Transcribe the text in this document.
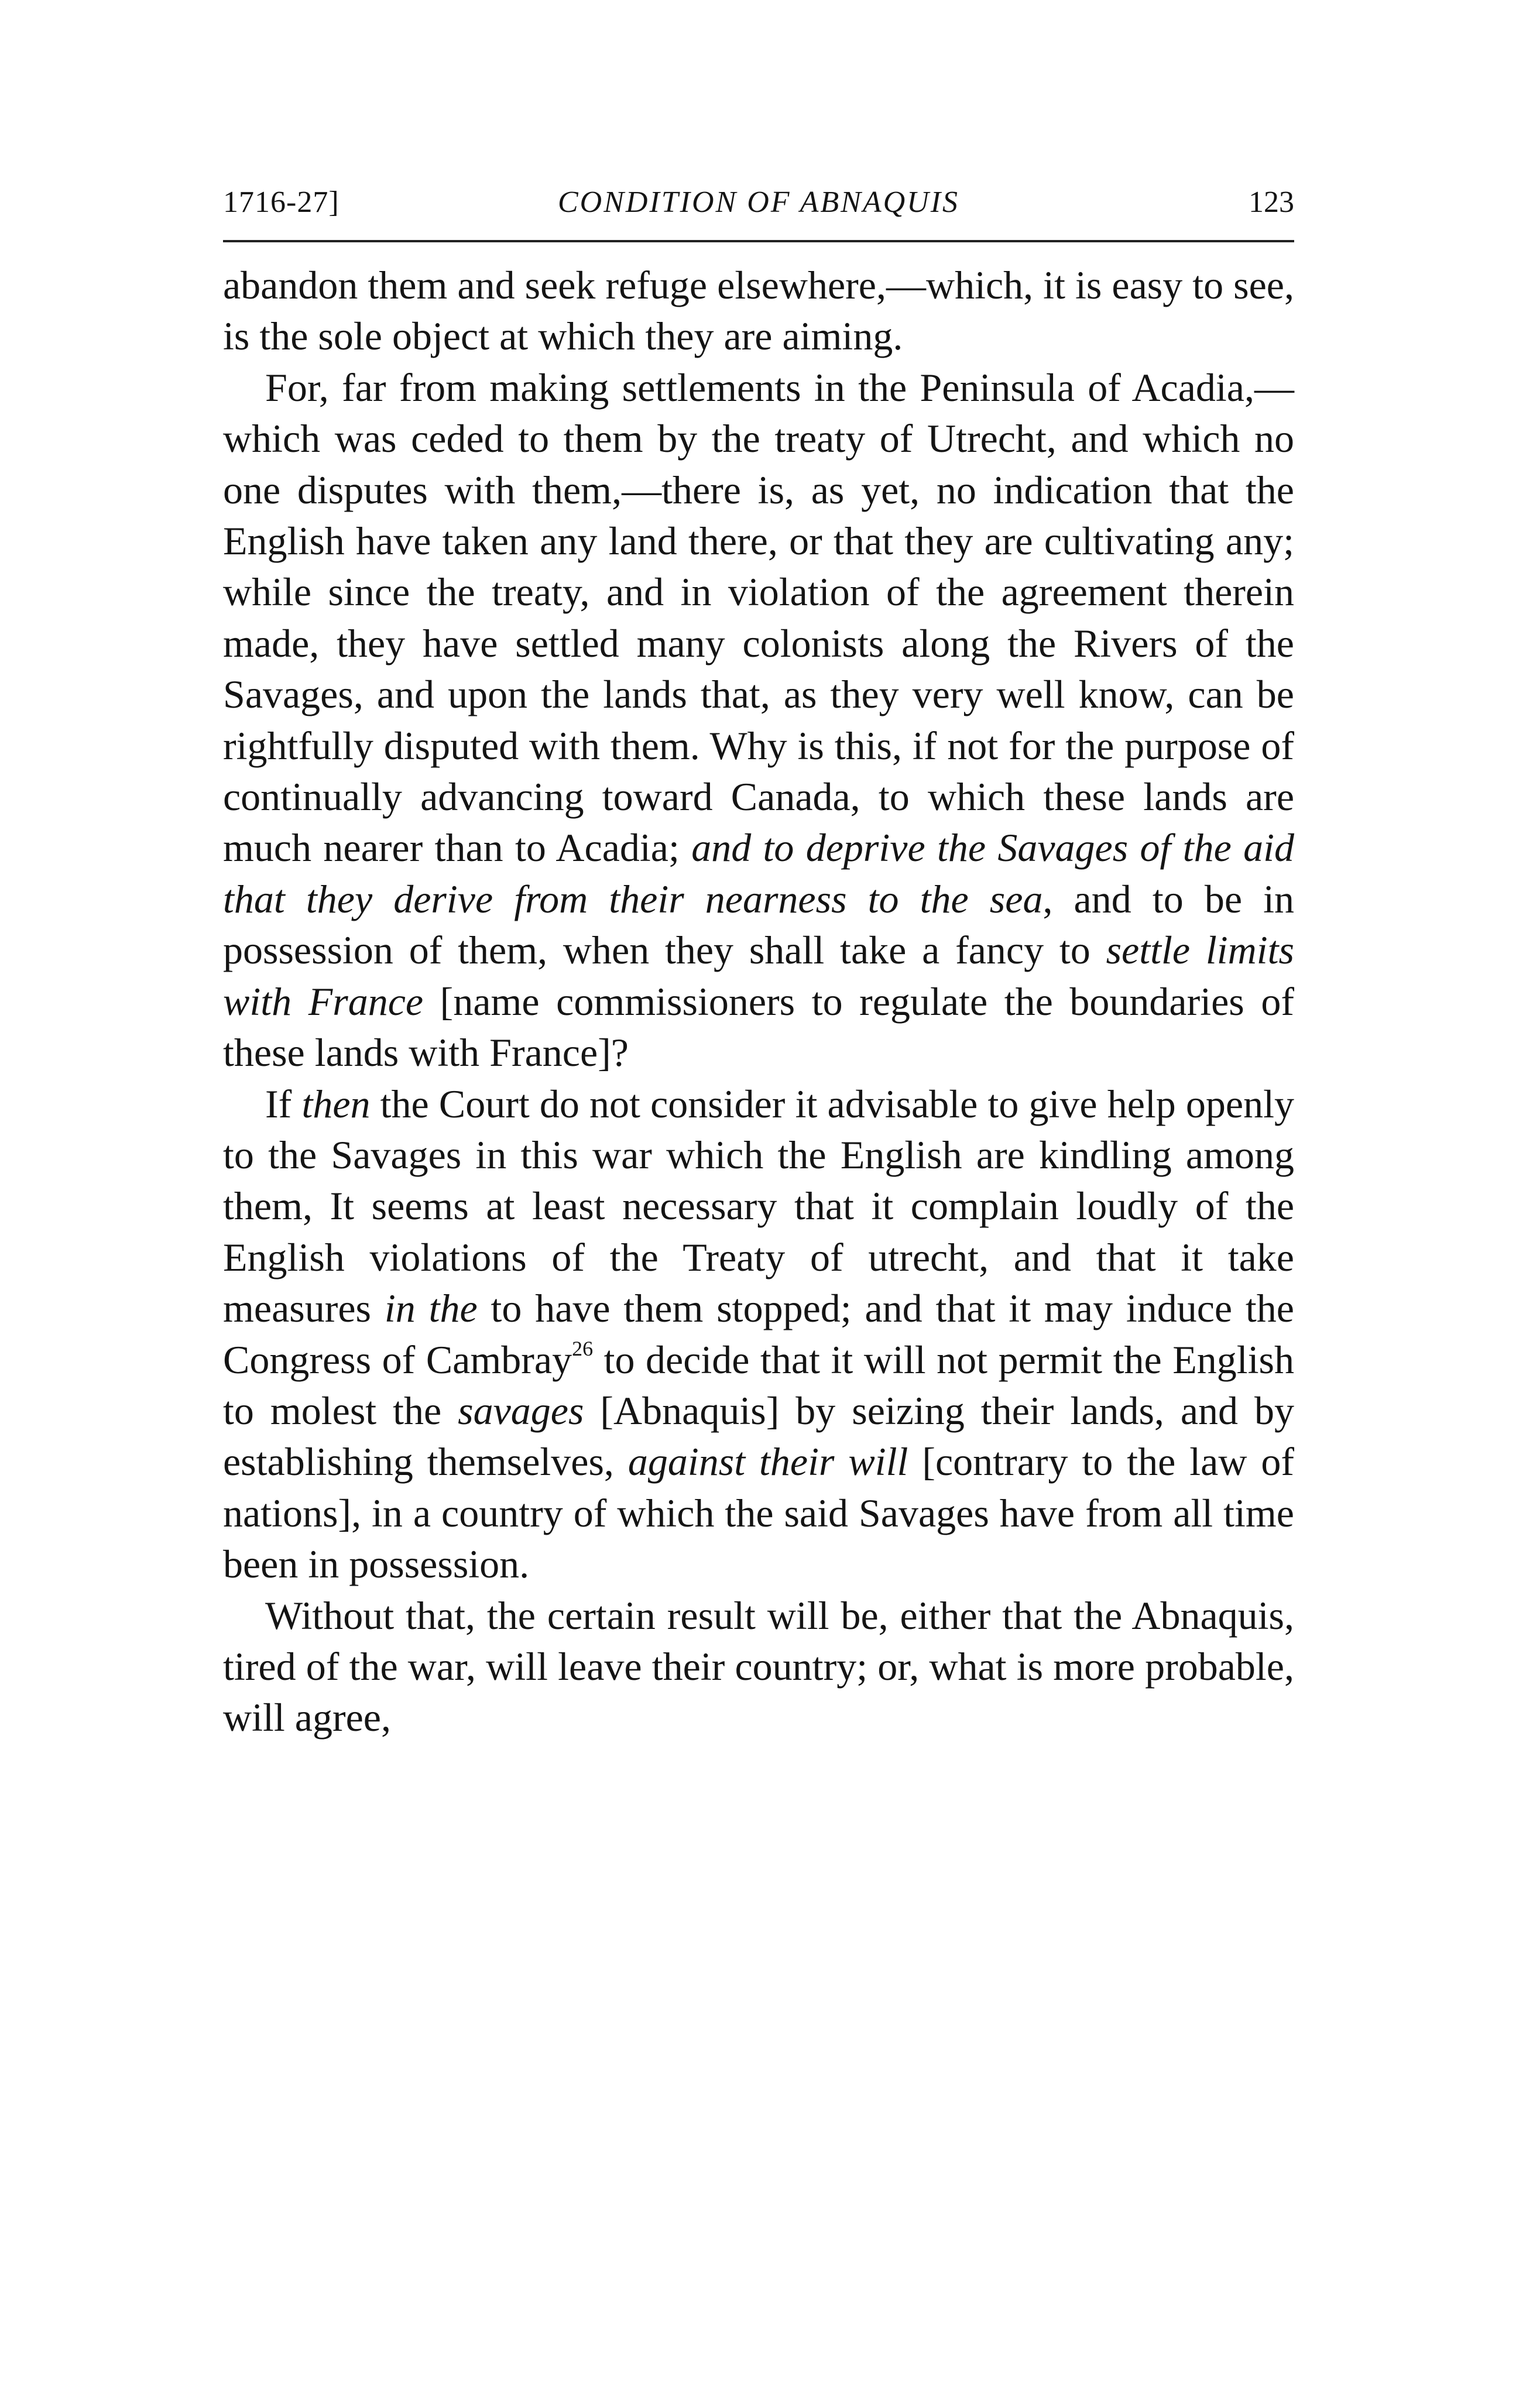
1716-27]	CONDITION OF ABNAQUIS	123

abandon them and seek refuge elsewhere,—which, it is easy to see, is the sole object at which they are aiming.

For, far from making settlements in the Peninsula of Acadia,—which was ceded to them by the treaty of Utrecht, and which no one disputes with them,—there is, as yet, no indication that the English have taken any land there, or that they are cultivating any; while since the treaty, and in violation of the agreement therein made, they have settled many colonists along the Rivers of the Savages, and upon the lands that, as they very well know, can be rightfully disputed with them. Why is this, if not for the purpose of continually advancing toward Canada, to which these lands are much nearer than to Acadia; and to deprive the Savages of the aid that they derive from their nearness to the sea, and to be in possession of them, when they shall take a fancy to settle limits with France [name commissioners to regulate the boundaries of these lands with France]?

If then the Court do not consider it advisable to give help openly to the Savages in this war which the English are kindling among them, It seems at least necessary that it complain loudly of the English violations of the Treaty of utrecht, and that it take measures in the to have them stopped; and that it may induce the Congress of Cambray$^{26}$ to decide that it will not permit the English to molest the savages [Abnaquis] by seizing their lands, and by establishing themselves, against their will [contrary to the law of nations], in a country of which the said Savages have from all time been in possession.

Without that, the certain result will be, either that the Abnaquis, tired of the war, will leave their country; or, what is more probable, will agree,
